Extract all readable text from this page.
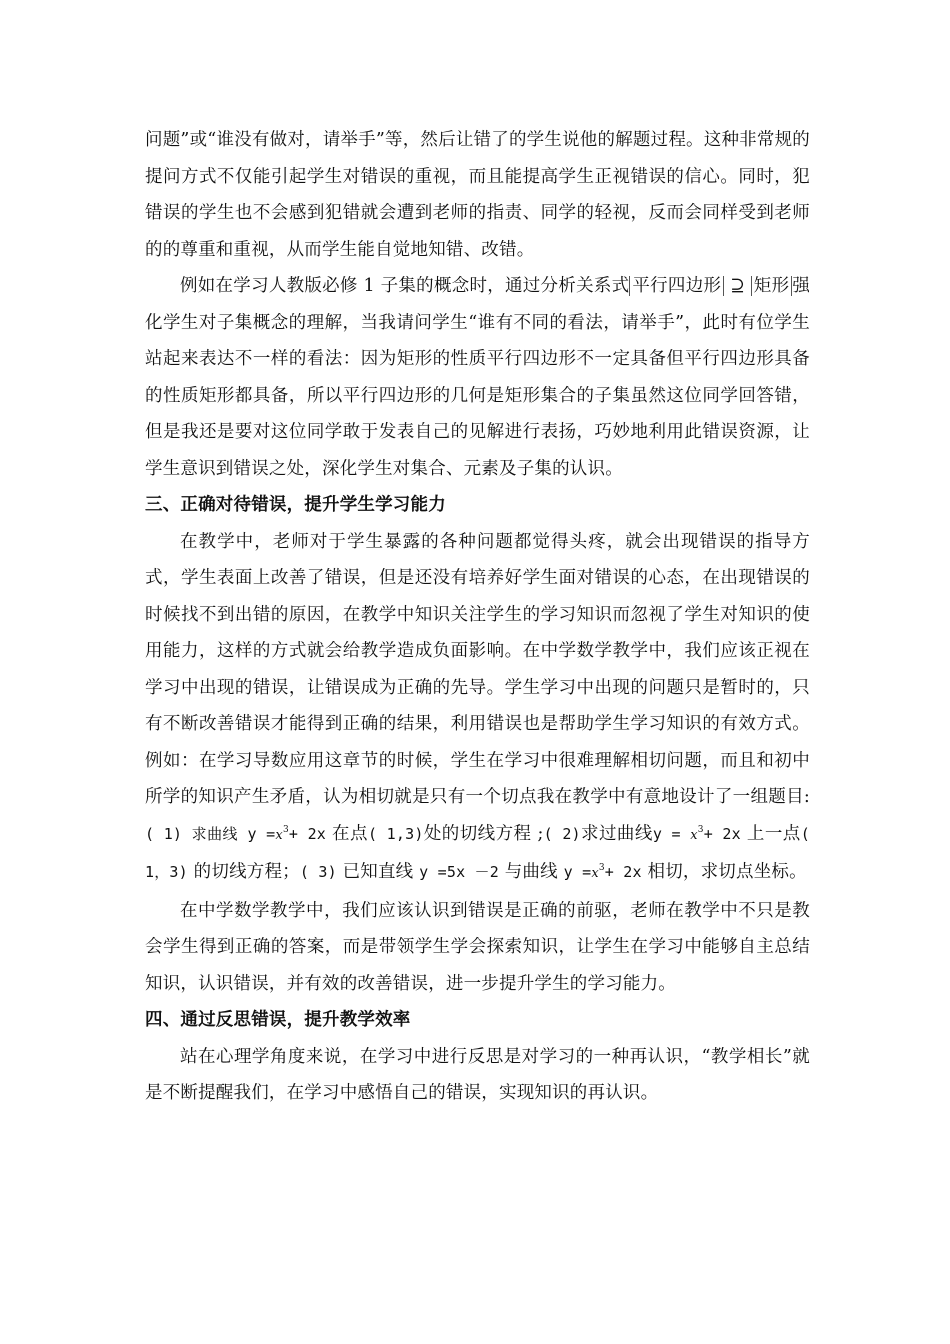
问题”或“谁没有做对，请举手”等，然后让错了的学生说他的解题过程。这种非常规的提问方式不仅能引起学生对错误的重视，而且能提高学生正视错误的信心。同时，犯错误的学生也不会感到犯错就会遭到老师的指责、同学的轻视，反而会同样受到老师的的尊重和重视，从而学生能自觉地知错、改错。

例如在学习人教版必修 1 子集的概念时，通过分析关系式 平行四边形 ⊇ 矩形 强化学生对子集概念的理解，当我请问学生“谁有不同的看法，请举手”，此时有位学生站起来表达不一样的看法：因为矩形的性质平行四边形不一定具备但平行四边形具备的性质矩形都具备，所以平行四边形的几何是矩形集合的子集虽然这位同学回答错，但是我还是要对这位同学敢于发表自己的见解进行表扬，巧妙地利用此错误资源，让学生意识到错误之处，深化学生对集合、元素及子集的认识。

三、正确对待错误，提升学生学习能力

在教学中，老师对于学生暴露的各种问题都觉得头疼，就会出现错误的指导方式，学生表面上改善了错误，但是还没有培养好学生面对错误的心态，在出现错误的时候找不到出错的原因，在教学中知识关注学生的学习知识而忽视了学生对知识的使用能力，这样的方式就会给教学造成负面影响。在中学数学教学中，我们应该正视在学习中出现的错误，让错误成为正确的先导。学生学习中出现的问题只是暂时的，只有不断改善错误才能得到正确的结果，利用错误也是帮助学生学习知识的有效方式。例如：在学习导数应用这章节的时候，学生在学习中很难理解相切问题，而且和初中所学的知识产生矛盾，认为相切就是只有一个切点我在教学中有意地设计了一组题目:( 1) 求曲线 $y =x^3+ 2x$ 在点( 1,3)处的切线方程 ;( 2)求过曲线$y = x^3+ 2x$ 上一点( 1，3) 的切线方程；( 3) 已知直线 y =5x －2 与曲线 $y =x^3+ 2x$ 相切，求切点坐标。

在中学数学教学中，我们应该认识到错误是正确的前驱，老师在教学中不只是教会学生得到正确的答案，而是带领学生学会探索知识，让学生在学习中能够自主总结知识，认识错误，并有效的改善错误，进一步提升学生的学习能力。

四、通过反思错误，提升教学效率

站在心理学角度来说，在学习中进行反思是对学习的一种再认识，“教学相长”就是不断提醒我们，在学习中感悟自己的错误，实现知识的再认识。
